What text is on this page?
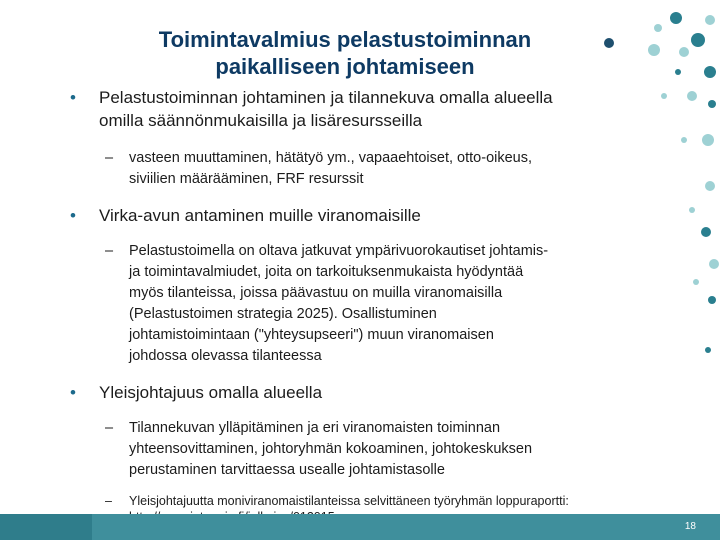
Toimintavalmius pelastustoiminnan
paikalliseen johtamiseen
• Pelastustoiminnan johtaminen ja tilannekuva omalla alueella
omilla säännönmukaisilla ja lisäresursseilla
– vasteen muuttaminen, hätätyö ym., vapaaehtoiset, otto-oikeus,
siviilien määrääminen, FRF resurssit
• Virka-avun antaminen muille viranomaisille
– Pelastustoimella on oltava jatkuvat ympärivuorokautiset johtamis-
ja toimintavalmiudet, joita on tarkoituksenmukaista hyödyntää
myös tilanteissa, joissa päävastuu on muilla viranomaisilla
(Pelastustoimen strategia 2025). Osallistuminen
johtamistoimintaan ("yhteysupseeri") muun viranomaisen
johdossa olevassa tilanteessa
• Yleisjohtajuus omalla alueella
– Tilannekuvan ylläpitäminen ja eri viranomaisten toiminnan
yhteensovittaminen, johtoryhmän kokoaminen, johtokeskuksen
perustaminen tarvittaessa usealle johtamistasolle
– Yleisjohtajuutta moniviranomaistilanteissa selvittäneen työryhmän loppuraportti:
SISÄMINISTERIÖ
INRIKESMINISTERIET
18
